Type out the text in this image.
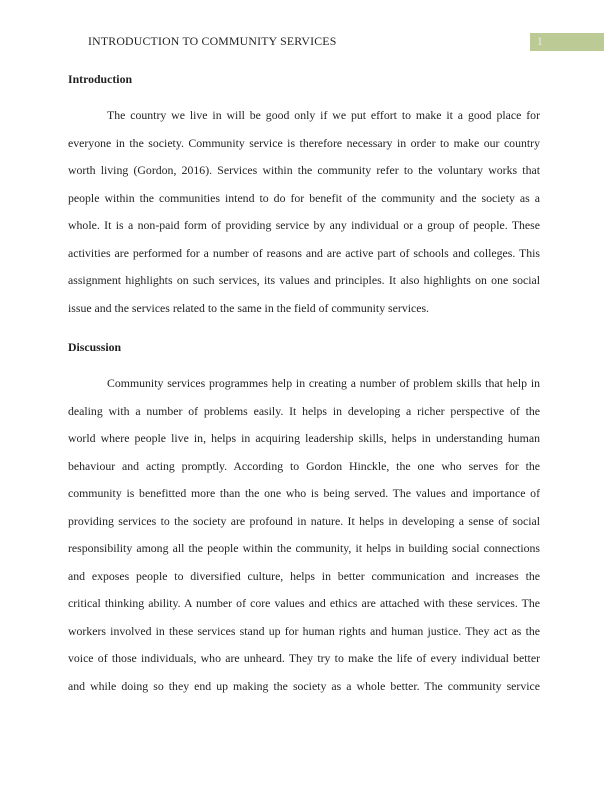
INTRODUCTION TO COMMUNITY SERVICES	1
Introduction
The country we live in will be good only if we put effort to make it a good place for
everyone in the society. Community service is therefore necessary in order to make our country
worth living (Gordon, 2016). Services within the community refer to the voluntary works that
people within the communities intend to do for benefit of the community and the society as a
whole. It is a non-paid form of providing service by any individual or a group of people. These
activities are performed for a number of reasons and are active part of schools and colleges. This
assignment highlights on such services, its values and principles. It also highlights on one social
issue and the services related to the same in the field of community services.
Discussion
Community services programmes help in creating a number of problem skills that help in
dealing with a number of problems easily. It helps in developing a richer perspective of the
world where people live in, helps in acquiring leadership skills, helps in understanding human
behaviour and acting promptly. According to Gordon Hinckle, the one who serves for the
community is benefitted more than the one who is being served. The values and importance of
providing services to the society are profound in nature. It helps in developing a sense of social
responsibility among all the people within the community, it helps in building social connections
and exposes people to diversified culture, helps in better communication and increases the
critical thinking ability. A number of core values and ethics are attached with these services. The
workers involved in these services stand up for human rights and human justice. They act as the
voice of those individuals, who are unheard. They try to make the life of every individual better
and while doing so they end up making the society as a whole better. The community service
